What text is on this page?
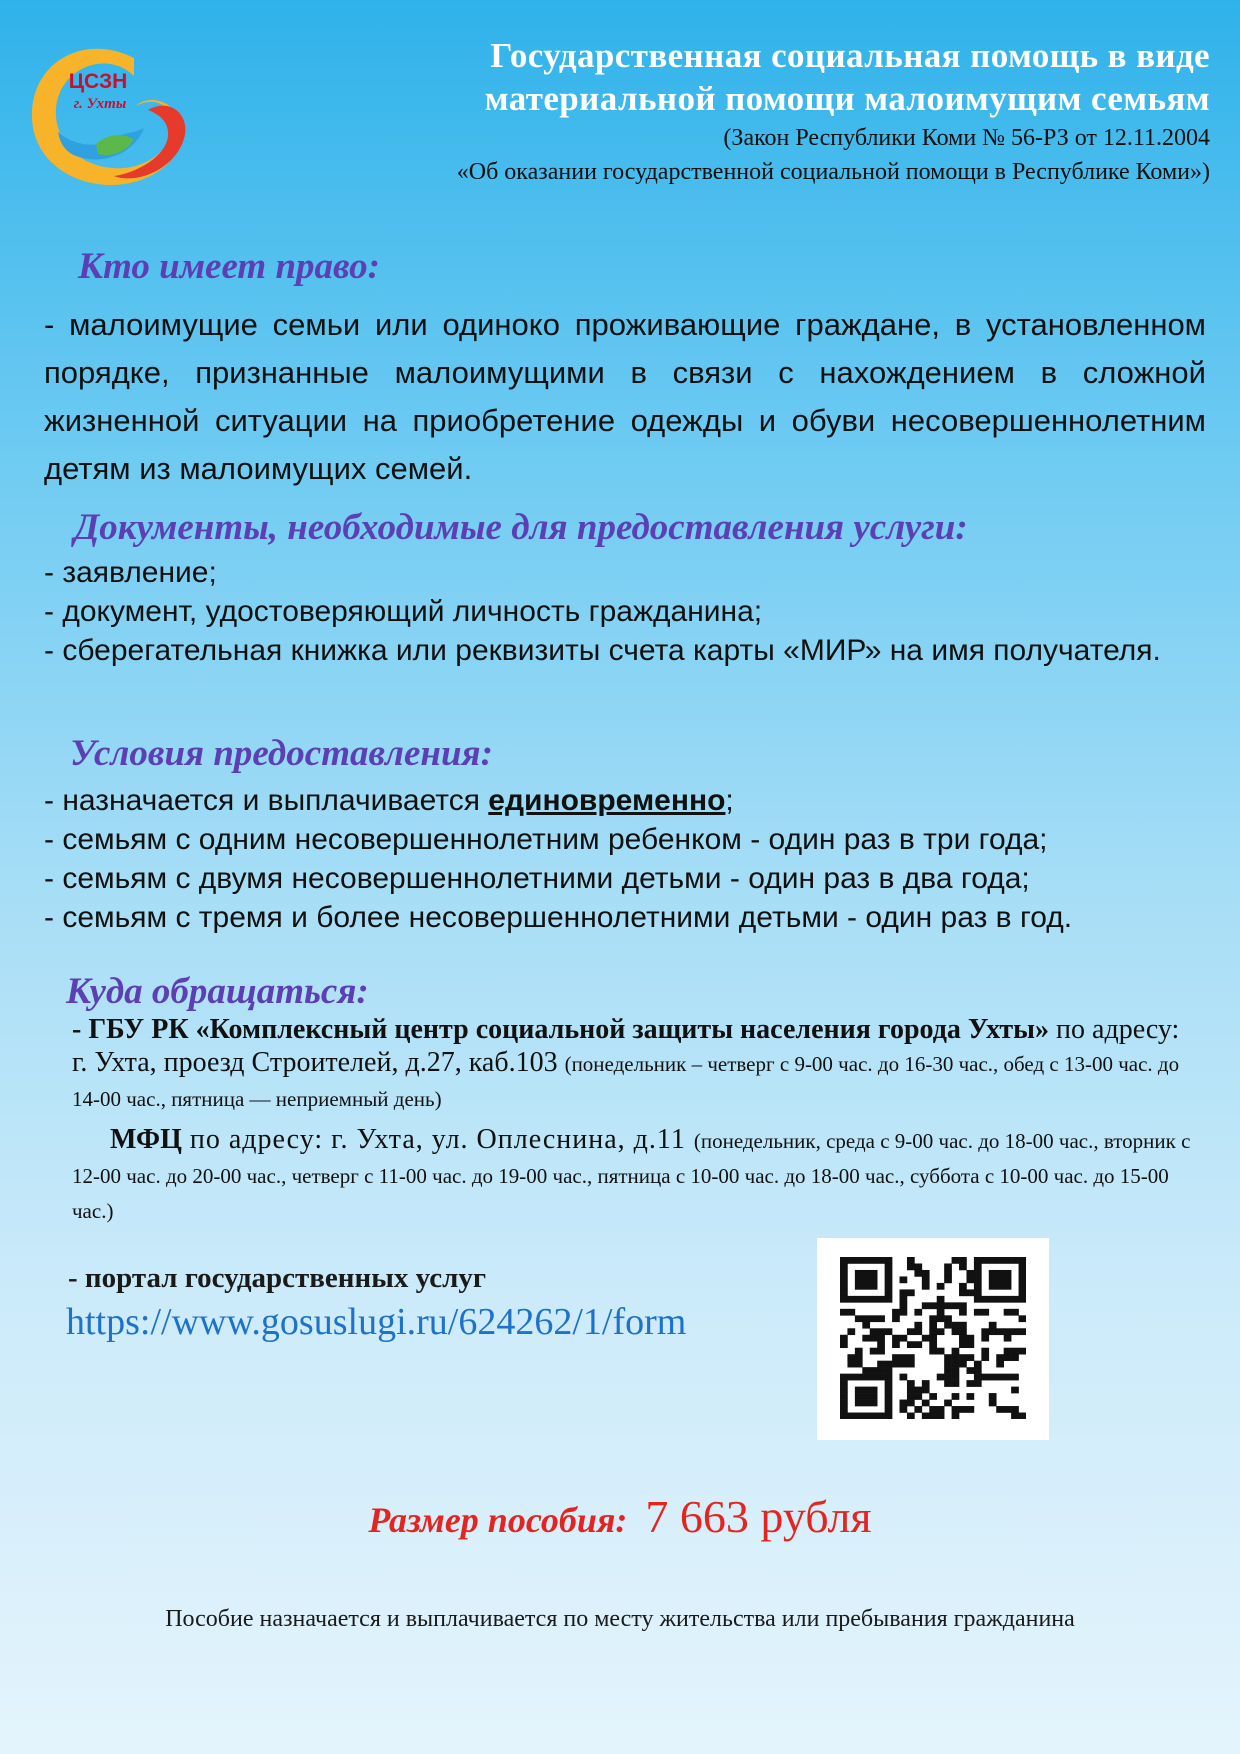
ЦСЗН
г. Ухты
Государственная социальная помощь в виде
материальной помощи малоимущим семьям
(Закон Республики Коми № 56-РЗ от 12.11.2004
«Об оказании государственной социальной помощи в Республике Коми»)
Кто имеет право:
- малоимущие семьи или одиноко проживающие граждане, в установленном порядке, признанные малоимущими в связи с нахождением в сложной жизненной ситуации на приобретение одежды и обуви несовершеннолетним детям из малоимущих семей.
Документы, необходимые для предоставления услуги:
- заявление;
- документ, удостоверяющий личность гражданина;
- сберегательная книжка или реквизиты счета карты «МИР» на имя получателя.
Условия предоставления:
- назначается и выплачивается единовременно;
- семьям с одним несовершеннолетним ребенком - один раз в три года;
- семьям с двумя несовершеннолетними детьми - один раз в два года;
- семьям с тремя и более несовершеннолетними детьми - один раз в год.
Куда обращаться:
- ГБУ РК «Комплексный центр социальной защиты населения города Ухты» по адресу: г. Ухта, проезд Строителей, д.27, каб.103 (понедельник – четверг с 9-00 час. до 16-30 час., обед с 13-00 час. до 14-00 час., пятница — неприемный день)
МФЦ по адресу: г. Ухта, ул. Оплеснина, д.11 (понедельник, среда с 9-00 час. до 18-00 час., вторник с 12-00 час. до 20-00 час., четверг с 11-00 час. до 19-00 час., пятница с 10-00 час. до 18-00 час., суббота с 10-00 час. до 15-00 час.)
- портал государственных услуг
https://www.gosuslugi.ru/624262/1/form
Размер пособия: 7 663 рубля
Пособие назначается и выплачивается по месту жительства или пребывания гражданина
